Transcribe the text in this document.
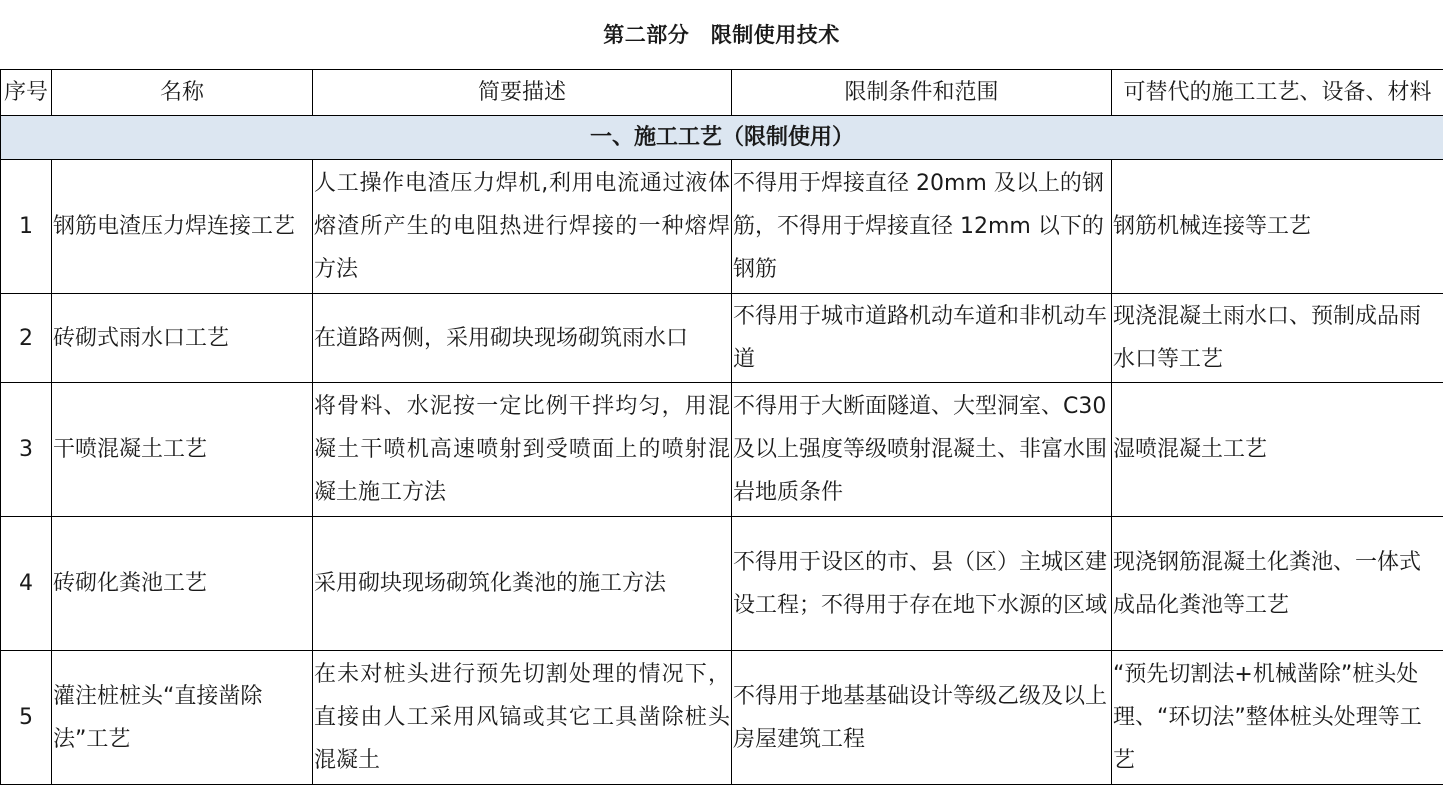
第二部分　限制使用技术
序号	名称	简要描述	限制条件和范围	可替代的施工工艺、设备、材料
一、施工工艺（限制使用）				
1	钢筋电渣压力焊连接工艺	人工操作电渣压力焊机,利用电流通过液体熔渣所产生的电阻热进行焊接的一种熔焊方法	不得用于焊接直径 20mm 及以上的钢筋，不得用于焊接直径 12mm 以下的钢筋	钢筋机械连接等工艺
2	砖砌式雨水口工艺	在道路两侧，采用砌块现场砌筑雨水口	不得用于城市道路机动车道和非机动车道	现浇混凝土雨水口、预制成品雨水口等工艺
3	干喷混凝土工艺	将骨料、水泥按一定比例干拌均匀，用混凝土干喷机高速喷射到受喷面上的喷射混凝土施工方法	不得用于大断面隧道、大型洞室、C30 及以上强度等级喷射混凝土、非富水围岩地质条件	湿喷混凝土工艺
4	砖砌化粪池工艺	采用砌块现场砌筑化粪池的施工方法	不得用于设区的市、县（区）主城区建设工程；不得用于存在地下水源的区域	现浇钢筋混凝土化粪池、一体式成品化粪池等工艺
5	灌注桩桩头“直接凿除法”工艺	在未对桩头进行预先切割处理的情况下，直接由人工采用风镐或其它工具凿除桩头混凝土	不得用于地基基础设计等级乙级及以上房屋建筑工程	“预先切割法+机械凿除”桩头处理、“环切法”整体桩头处理等工艺
